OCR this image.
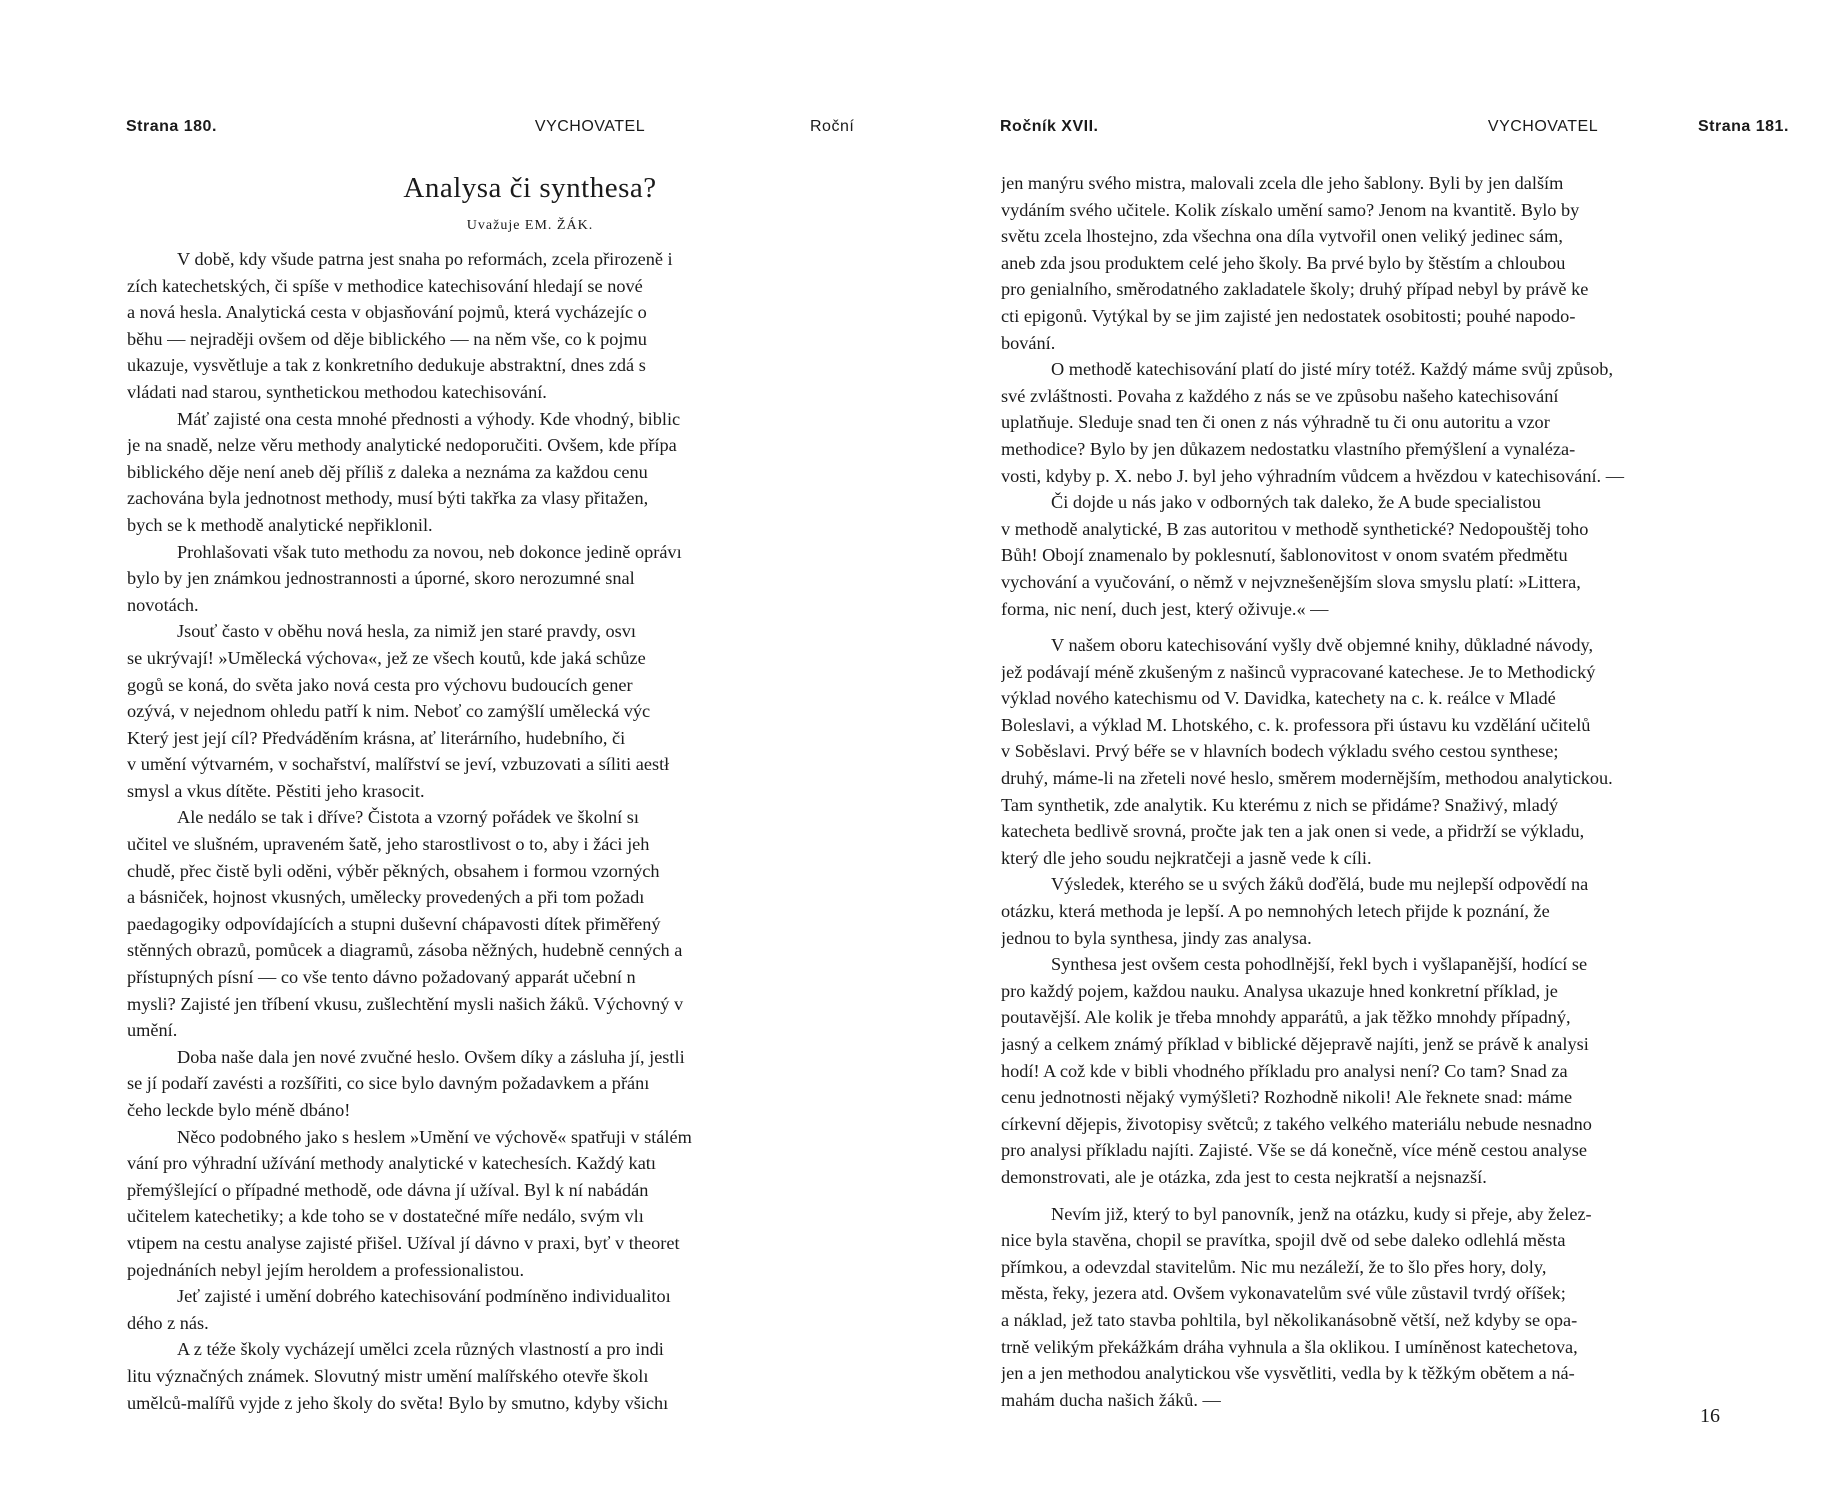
Strana 180.	VYCHOVATEL	Roční
Analysa či synthesa?
Uvažuje EM. ŽÁK.
V době, kdy všude patrna jest snaha po reformách, zcela přirozeně i
zích katechetských, či spíše v methodice katechisování hledají se nové
a nová hesla. Analytická cesta v objasňování pojmů, která vycházejíc o
běhu — nejraději ovšem od děje biblického — na něm vše, co k pojmu
ukazuje, vysvětluje a tak z konkretního dedukuje abstraktní, dnes zdá s
vládati nad starou, synthetickou methodou katechisování.
Máť zajisté ona cesta mnohé přednosti a výhody. Kde vhodný, biblic
je na snadě, nelze věru methody analytické nedoporučiti. Ovšem, kde přípa
biblického děje není aneb děj příliš z daleka a neznáma za každou cenu
zachována byla jednotnost methody, musí býti takřka za vlasy přitažen,
bych se k methodě analytické nepřiklonil.
Prohlašovati však tuto methodu za novou, neb dokonce jedině oprávı
bylo by jen známkou jednostrannosti a úporné, skoro nerozumné snal
novotách.
Jsouť často v oběhu nová hesla, za nimiž jen staré pravdy, osvı
se ukrývají! »Umělecká výchova«, jež ze všech koutů, kde jaká schůze
gogů se koná, do světa jako nová cesta pro výchovu budoucích gener
ozývá, v nejednom ohledu patří k nim. Neboť co zamýšlí umělecká výc
Který jest její cíl? Předváděním krásna, ať literárního, hudebního, či
v umění výtvarném, v sochařství, malířství se jeví, vzbuzovati a síliti aestł
smysl a vkus dítěte. Pěstiti jeho krasocit.
Ale nedálo se tak i dříve? Čistota a vzorný pořádek ve školní sı
učitel ve slušném, upraveném šatě, jeho starostlivost o to, aby i žáci jeh
chudě, přec čistě byli oděni, výběr pěkných, obsahem i formou vzorných
a básniček, hojnost vkusných, umělecky provedených a při tom požadı
paedagogiky odpovídajících a stupni duševní chápavosti dítek přiměřený
stěnných obrazů, pomůcek a diagramů, zásoba něžných, hudebně cenných a
přístupných písní — co vše tento dávno požadovaný apparát učební n
mysli? Zajisté jen tříbení vkusu, zušlechtění mysli našich žáků. Výchovný v
umění.
Doba naše dala jen nové zvučné heslo. Ovšem díky a zásluha jí, jestli
se jí podaří zavésti a rozšířiti, co sice bylo davným požadavkem a přánı
čeho leckde bylo méně dbáno!
Něco podobného jako s heslem »Umění ve výchově« spatřuji v stálém
vání pro výhradní užívání methody analytické v katechesích. Každý katı
přemýšlející o případné methodě, ode dávna jí užíval. Byl k ní nabádán
učitelem katechetiky; a kde toho se v dostatečné míře nedálo, svým vlı
vtipem na cestu analyse zajisté přišel. Užíval jí dávno v praxi, byť v theoret
pojednáních nebyl jejím heroldem a professionalistou.
Jeť zajisté i umění dobrého katechisování podmíněno individualitoı
dého z nás.
A z téže školy vycházejí umělci zcela různých vlastností a pro indi
litu význačných známek. Slovutný mistr umění malířského otevře školı
umělců-malířů vyjde z jeho školy do světa! Bylo by smutno, kdyby všichı
Ročník XVII.	VYCHOVATEL	Strana 181.
jen manýru svého mistra, malovali zcela dle jeho šablony. Byli by jen dalším
vydáním svého učitele. Kolik získalo umění samo? Jenom na kvantitě. Bylo by
světu zcela lhostejno, zda všechna ona díla vytvořil onen veliký jedinec sám,
aneb zda jsou produktem celé jeho školy. Ba prvé bylo by štěstím a chloubou
pro genialního, směrodatného zakladatele školy; druhý případ nebyl by právě ke
cti epigonů. Vytýkal by se jim zajisté jen nedostatek osobitosti; pouhé napodo-
bování.
O methodě katechisování platí do jisté míry totéž. Každý máme svůj způsob,
své zvláštnosti. Povaha z každého z nás se ve způsobu našeho katechisování
uplatňuje. Sleduje snad ten či onen z nás výhradně tu či onu autoritu a vzor
methodice? Bylo by jen důkazem nedostatku vlastního přemýšlení a vynaléza-
vosti, kdyby p. X. nebo J. byl jeho výhradním vůdcem a hvězdou v katechisování. —
Či dojde u nás jako v odborných tak daleko, že A bude specialistou
v methodě analytické, B zas autoritou v methodě synthetické? Nedopouštěj toho
Bůh! Obojí znamenalo by poklesnutí, šablonovitost v onom svatém předmětu
vychování a vyučování, o němž v nejvznešenějším slova smyslu platí: »Littera,
forma, nic není, duch jest, který oživuje.« —
V našem oboru katechisování vyšly dvě objemné knihy, důkladné návody,
jež podávají méně zkušeným z našinců vypracované katechese. Je to Methodický
výklad nového katechismu od V. Davidka, katechety na c. k. reálce v Mladé
Boleslavi, a výklad M. Lhotského, c. k. professora při ústavu ku vzdělání učitelů
v Soběslavi. Prvý béře se v hlavních bodech výkladu svého cestou synthese;
druhý, máme-li na zřeteli nové heslo, směrem modernějším, methodou analytickou.
Tam synthetik, zde analytik. Ku kterému z nich se přidáme? Snaživý, mladý
katecheta bedlivě srovná, pročte jak ten a jak onen si vede, a přidrží se výkladu,
který dle jeho soudu nejkratčeji a jasně vede k cíli.
Výsledek, kterého se u svých žáků doďělá, bude mu nejlepší odpovědí na
otázku, která methoda je lepší. A po nemnohých letech přijde k poznání, že
jednou to byla synthesa, jindy zas analysa.
Synthesa jest ovšem cesta pohodlnější, řekl bych i vyšlapanější, hodící se
pro každý pojem, každou nauku. Analysa ukazuje hned konkretní příklad, je
poutavější. Ale kolik je třeba mnohdy apparátů, a jak těžko mnohdy případný,
jasný a celkem známý příklad v biblické dějepravě najíti, jenž se právě k analysi
hodí! A což kde v bibli vhodného příkladu pro analysi není? Co tam? Snad za
cenu jednotnosti nějaký vymýšleti? Rozhodně nikoli! Ale řeknete snad: máme
církevní dějepis, životopisy světců; z takého velkého materiálu nebude nesnadno
pro analysi příkladu najíti. Zajisté. Vše se dá konečně, více méně cestou analyse
demonstrovati, ale je otázka, zda jest to cesta nejkratší a nejsnazší.
Nevím již, který to byl panovník, jenž na otázku, kudy si přeje, aby želez-
nice byla stavěna, chopil se pravítka, spojil dvě od sebe daleko odlehlá města
přímkou, a odevzdal stavitelům. Nic mu nezáleží, že to šlo přes hory, doly,
města, řeky, jezera atd. Ovšem vykonavatelům své vůle zůstavil tvrdý oříšek;
a náklad, jež tato stavba pohltila, byl několikanásobně větší, než kdyby se opa-
trně velikým překážkám dráha vyhnula a šla oklikou. I umíněnost katechetova,
jen a jen methodou analytickou vše vysvětliti, vedla by k těžkým obětem a ná-
mahám ducha našich žáků. —
16
